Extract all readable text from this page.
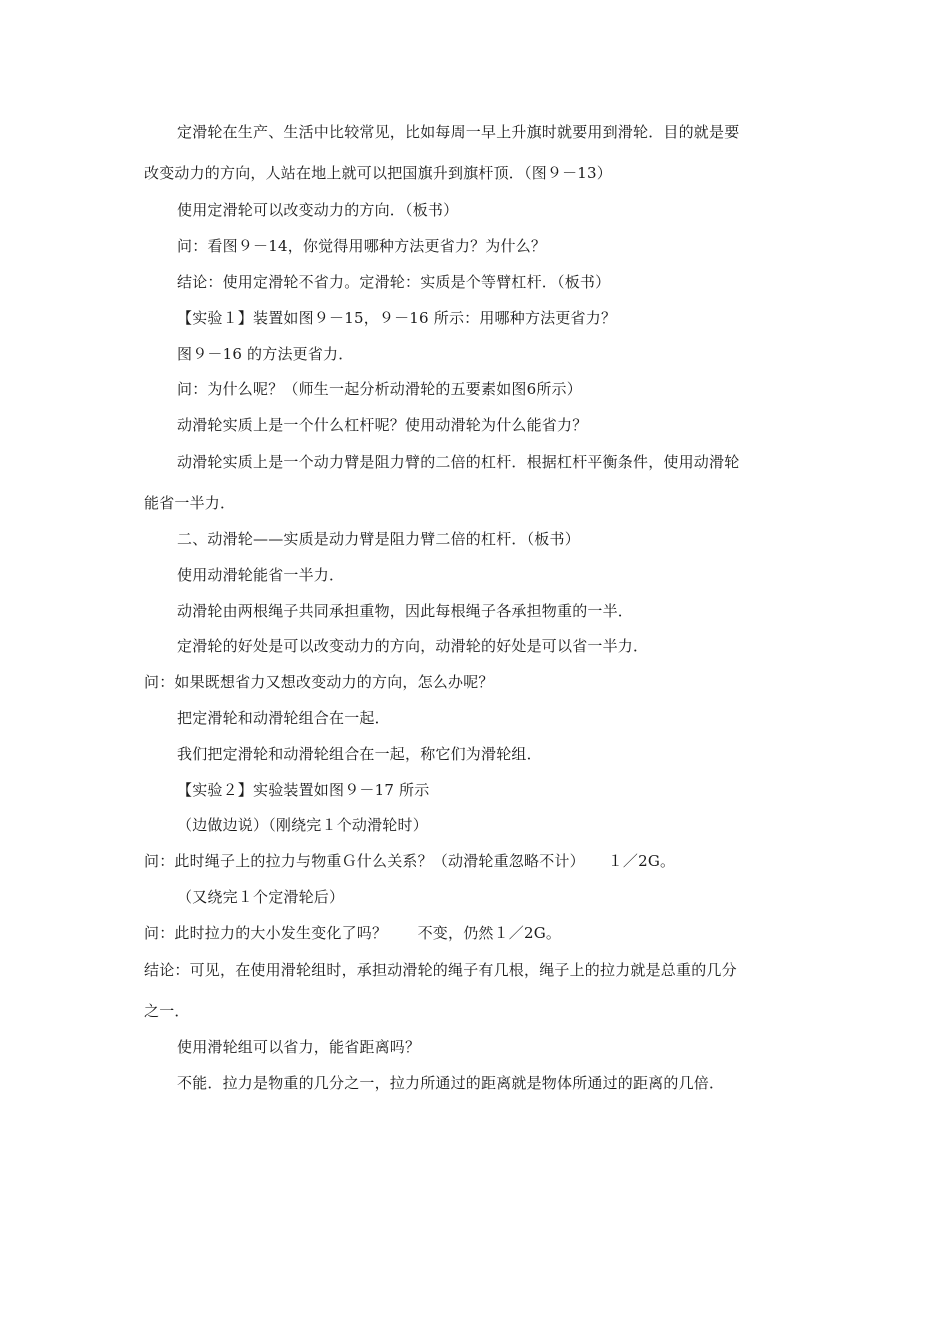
定滑轮在生产、生活中比较常见，比如每周一早上升旗时就要用到滑轮．目的就是要
改变动力的方向，人站在地上就可以把国旗升到旗杆顶．（图９－13）
使用定滑轮可以改变动力的方向．（板书）
问：看图９－14，你觉得用哪种方法更省力？为什么？
结论：使用定滑轮不省力。定滑轮：实质是个等臂杠杆．（板书）
【实验１】装置如图９－15，９－16 所示：用哪种方法更省力？
图９－16 的方法更省力．
问：为什么呢？（师生一起分析动滑轮的五要素如图6所示）
动滑轮实质上是一个什么杠杆呢？使用动滑轮为什么能省力？
动滑轮实质上是一个动力臂是阻力臂的二倍的杠杆．根据杠杆平衡条件，使用动滑轮
能省一半力．
二、动滑轮——实质是动力臂是阻力臂二倍的杠杆．（板书）
使用动滑轮能省一半力．
动滑轮由两根绳子共同承担重物，因此每根绳子各承担物重的一半．
定滑轮的好处是可以改变动力的方向，动滑轮的好处是可以省一半力．
问：如果既想省力又想改变动力的方向，怎么办呢？
把定滑轮和动滑轮组合在一起．
我们把定滑轮和动滑轮组合在一起，称它们为滑轮组．
【实验２】实验装置如图９－17 所示
（边做边说）（刚绕完１个动滑轮时）
问：此时绳子上的拉力与物重Ｇ什么关系？（动滑轮重忽略不计）　　１／2G。
（又绕完１个定滑轮后）
问：此时拉力的大小发生变化了吗？　　不变，仍然１／2G。
结论：可见，在使用滑轮组时，承担动滑轮的绳子有几根，绳子上的拉力就是总重的几分
之一．
使用滑轮组可以省力，能省距离吗？
不能．拉力是物重的几分之一，拉力所通过的距离就是物体所通过的距离的几倍．
